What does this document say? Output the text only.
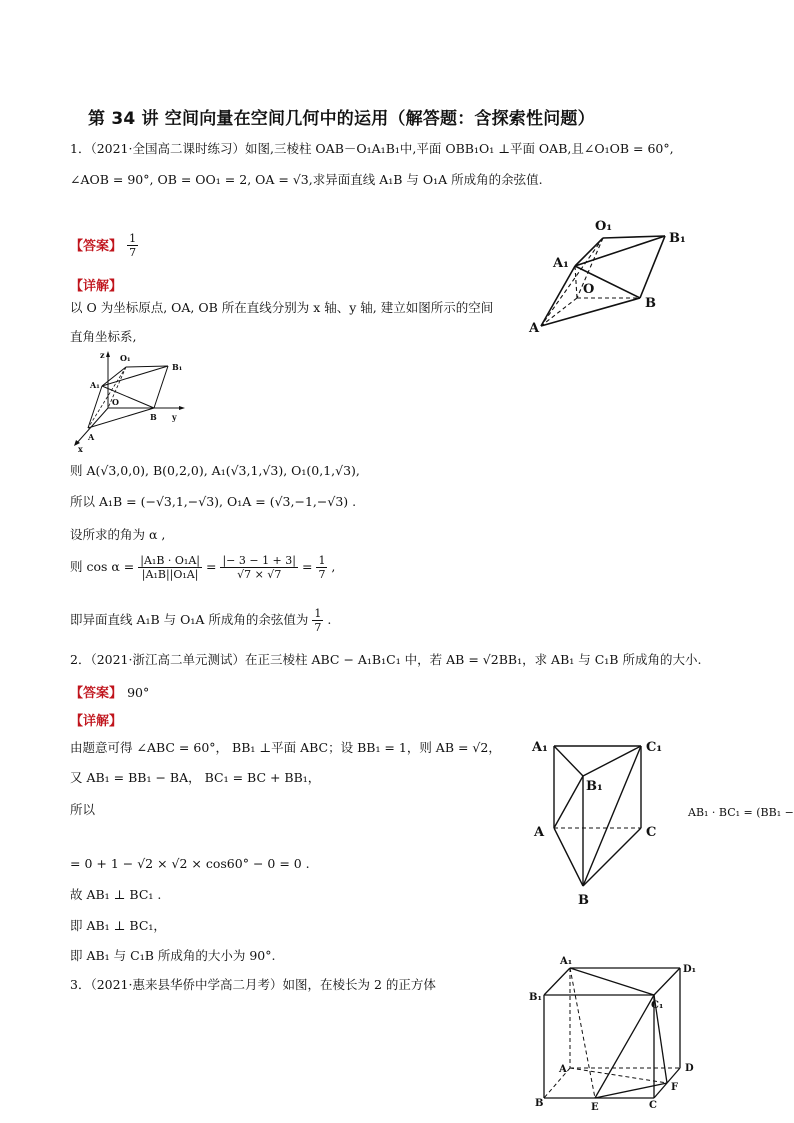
第 34 讲 空间向量在空间几何中的运用（解答题：含探索性问题）
1．（2021·全国高二课时练习）如图,三棱柱 OAB－O₁A₁B₁中,平面 OBB₁O₁ ⊥平面 OAB,且∠O₁OB = 60°,
∠AOB = 90°, OB = OO₁ = 2, OA = √3,求异面直线 A₁B 与 O₁A 所成角的余弦值.
【答案】 $\frac{1}{7}$
【详解】
以 O 为坐标原点, OA, OB 所在直线分别为 x 轴、y 轴, 建立如图所示的空间
直角坐标系,
O₁
B₁
A₁
O
B
A
z O₁
B₁
A₁
O
B y
A
x
则 A(√3,0,0), B(0,2,0), A₁(√3,1,√3), O₁(0,1,√3),
所以 A₁B = (−√3,1,−√3), O₁A = (√3,−1,−√3) .
设所求的角为 α ,
则 $\cos \alpha = \frac{\text{|A₁B · O₁A|}}{\text{|A₁B||O₁A|}} = \frac{|- 3 - 1 + 3|}{√7 \times √7} = \frac{1}{7}$ ,
即异面直线 A₁B 与 O₁A 所成角的余弦值为 $\frac{1}{7}$ .
2．（2021·浙江高二单元测试）在正三棱柱 ABC − A₁B₁C₁ 中，若 AB = √2BB₁，求 AB₁ 与 C₁B 所成角的大小.
【答案】 90°
【详解】
由题意可得 ∠ABC = 60°， BB₁ ⊥平面 ABC；设 BB₁ = 1，则 AB = √2，
又 AB₁ = BB₁ − BA， BC₁ = BC + BB₁，
所以
= 0 + 1 − √2 × √2 × cos60° − 0 = 0 .
故 AB₁ ⊥ BC₁ .
即 AB₁ ⊥ BC₁，
即 AB₁ 与 C₁B 所成角的大小为 90°.
AB₁ · BC₁ = (BB₁ −
A₁	C₁
B₁
A	C
B
3．（2021·惠来县华侨中学高二月考）如图，在棱长为 2 的正方体
A₁
D₁
B₁
C₁
A	D
F
B	E	C
